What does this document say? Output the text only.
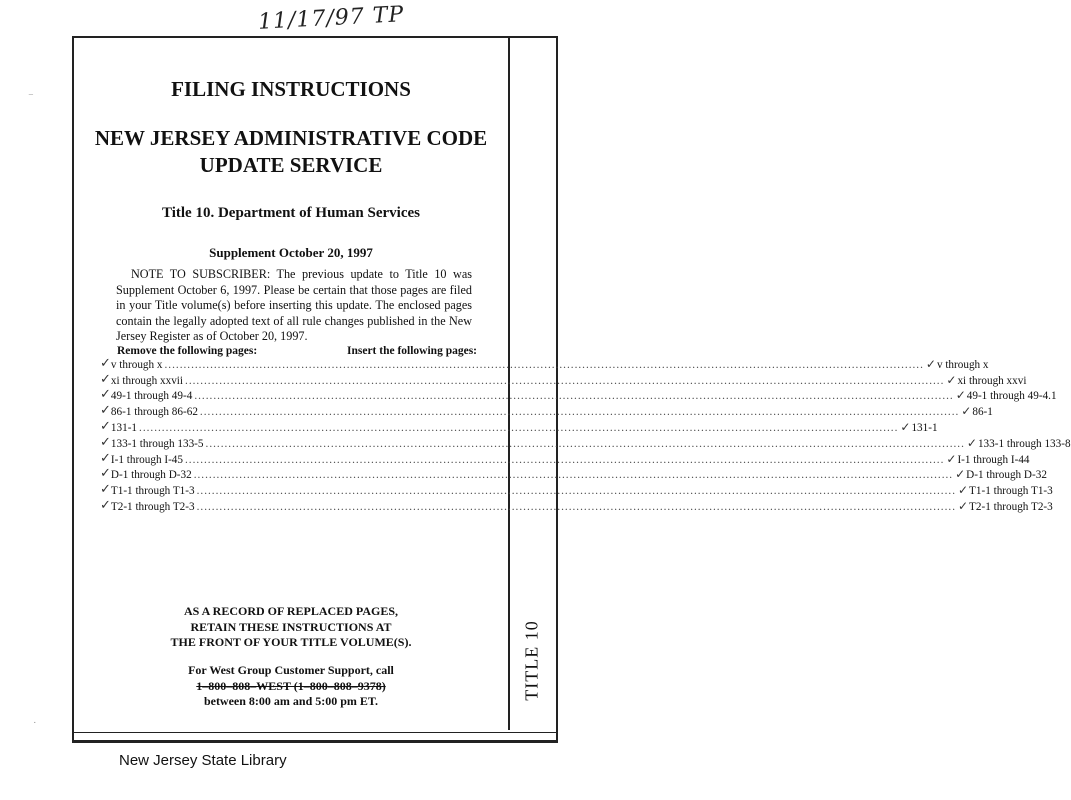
11/17/97 TP
TITLE 10
FILING INSTRUCTIONS
NEW JERSEY ADMINISTRATIVE CODE
UPDATE SERVICE
Title 10. Department of Human Services
Supplement October 20, 1997
NOTE TO SUBSCRIBER: The previous update to Title 10 was Supplement October 6, 1997. Please be certain that those pages are filed in your Title volume(s) before inserting this update. The enclosed pages contain the legally adopted text of all rule changes published in the New Jersey Register as of October 20, 1997.
Remove the following pages:	Insert the following pages:
✓ v through x ........................................................................................................................................................................................................ ✓ v through x
✓ xi through xxvii ........................................................................................................................................................................................................ ✓ xi through xxvi
✓ 49-1 through 49-4 ........................................................................................................................................................................................................ ✓ 49-1 through 49-4.1
✓ 86-1 through 86-62 ........................................................................................................................................................................................................ ✓ 86-1
✓ 131-1 ........................................................................................................................................................................................................ ✓ 131-1
✓ 133-1 through 133-5 ........................................................................................................................................................................................................ ✓ 133-1 through 133-8
✓ I-1 through I-45 ........................................................................................................................................................................................................ ✓ I-1 through I-44
✓ D-1 through D-32 ........................................................................................................................................................................................................ ✓ D-1 through D-32
✓ T1-1 through T1-3 ........................................................................................................................................................................................................ ✓ T1-1 through T1-3
✓ T2-1 through T2-3 ........................................................................................................................................................................................................ ✓ T2-1 through T2-3
AS A RECORD OF REPLACED PAGES,
RETAIN THESE INSTRUCTIONS AT
THE FRONT OF YOUR TITLE VOLUME(S).
For West Group Customer Support, call
1–800–808–WEST (1–800–808–9378)
between 8:00 am and 5:00 pm ET.
New Jersey State Library
⁻
˙
